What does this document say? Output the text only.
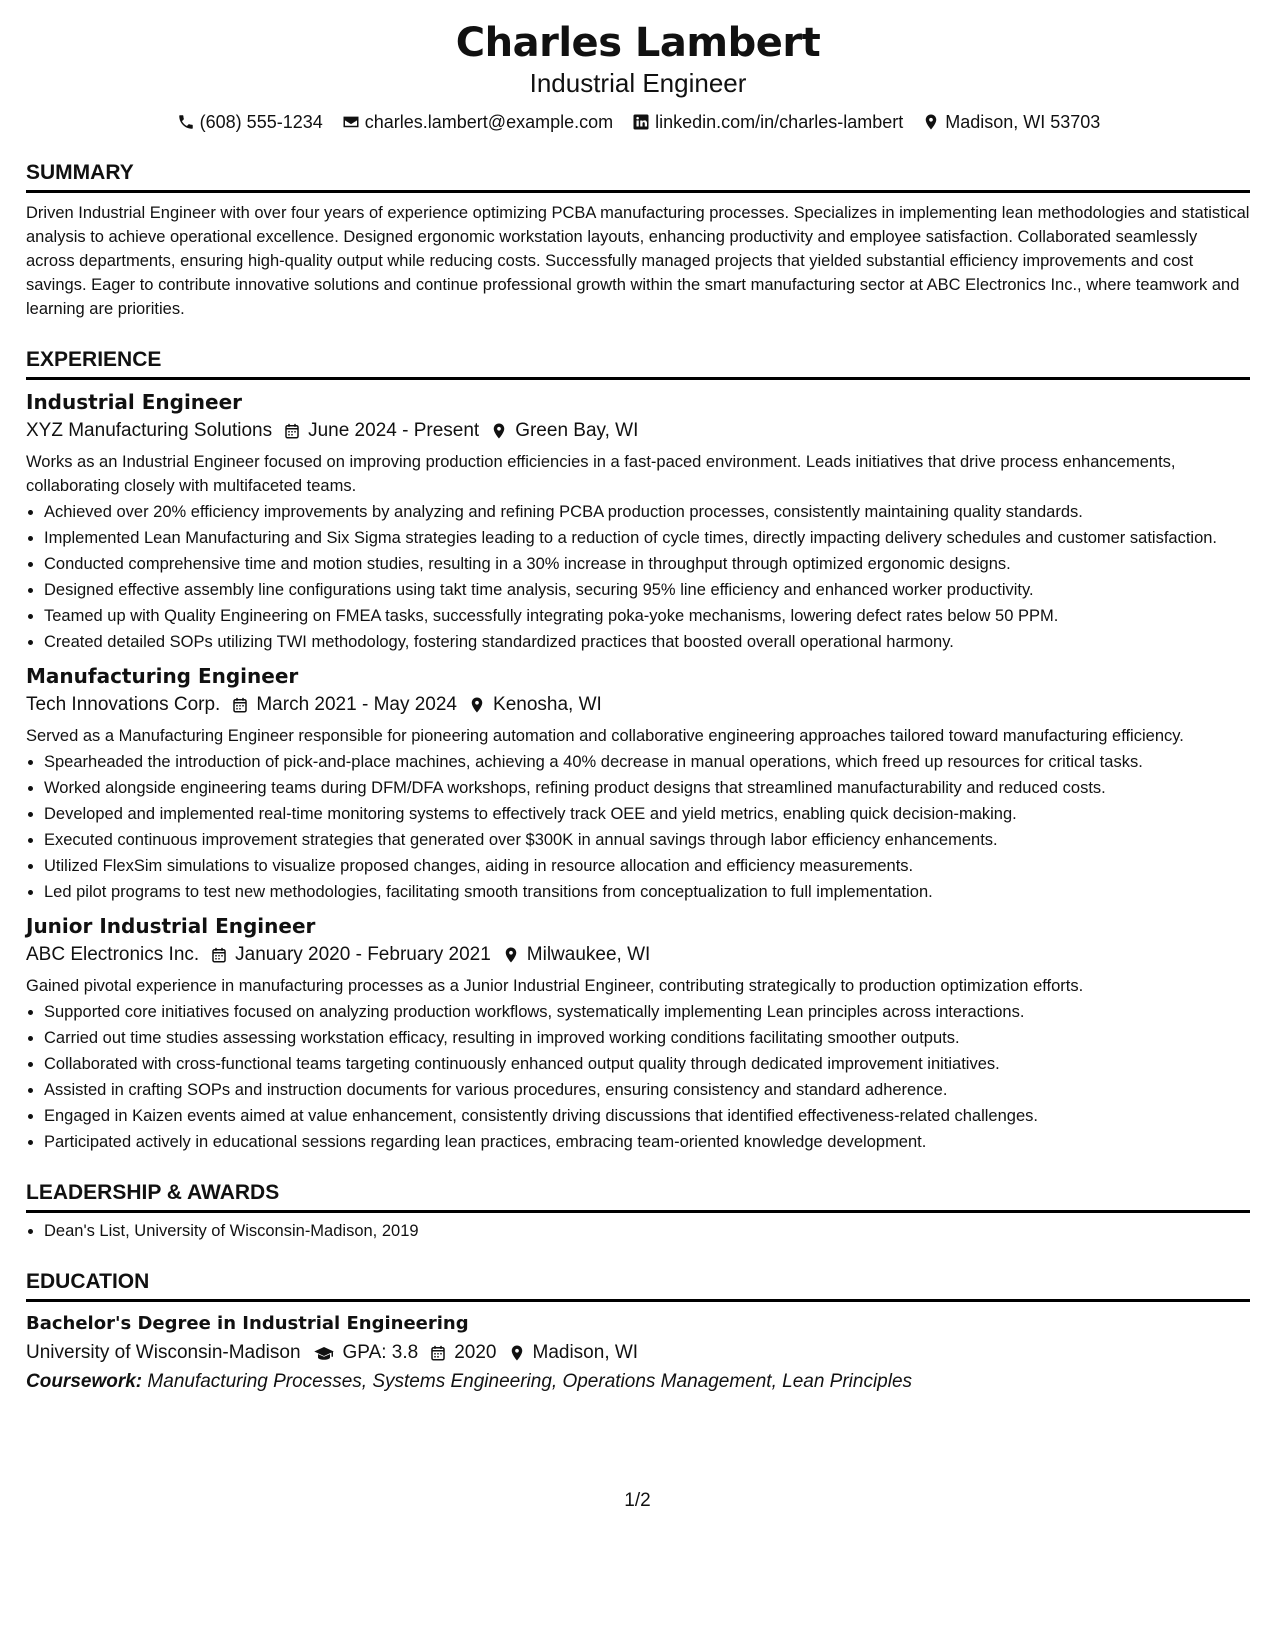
Charles Lambert
Industrial Engineer
(608) 555-1234 charles.lambert@example.com linkedin.com/in/charles-lambert Madison, WI 53703
SUMMARY
Driven Industrial Engineer with over four years of experience optimizing PCBA manufacturing processes. Specializes in implementing lean methodologies and statistical analysis to achieve operational excellence. Designed ergonomic workstation layouts, enhancing productivity and employee satisfaction. Collaborated seamlessly across departments, ensuring high-quality output while reducing costs. Successfully managed projects that yielded substantial efficiency improvements and cost savings. Eager to contribute innovative solutions and continue professional growth within the smart manufacturing sector at ABC Electronics Inc., where teamwork and learning are priorities.
EXPERIENCE
Industrial Engineer
XYZ Manufacturing Solutions June 2024 - Present Green Bay, WI
Works as an Industrial Engineer focused on improving production efficiencies in a fast-paced environment. Leads initiatives that drive process enhancements, collaborating closely with multifaceted teams.
• Achieved over 20% efficiency improvements by analyzing and refining PCBA production processes, consistently maintaining quality standards.
• Implemented Lean Manufacturing and Six Sigma strategies leading to a reduction of cycle times, directly impacting delivery schedules and customer satisfaction.
• Conducted comprehensive time and motion studies, resulting in a 30% increase in throughput through optimized ergonomic designs.
• Designed effective assembly line configurations using takt time analysis, securing 95% line efficiency and enhanced worker productivity.
• Teamed up with Quality Engineering on FMEA tasks, successfully integrating poka-yoke mechanisms, lowering defect rates below 50 PPM.
• Created detailed SOPs utilizing TWI methodology, fostering standardized practices that boosted overall operational harmony.
Manufacturing Engineer
Tech Innovations Corp. March 2021 - May 2024 Kenosha, WI
Served as a Manufacturing Engineer responsible for pioneering automation and collaborative engineering approaches tailored toward manufacturing efficiency.
• Spearheaded the introduction of pick-and-place machines, achieving a 40% decrease in manual operations, which freed up resources for critical tasks.
• Worked alongside engineering teams during DFM/DFA workshops, refining product designs that streamlined manufacturability and reduced costs.
• Developed and implemented real-time monitoring systems to effectively track OEE and yield metrics, enabling quick decision-making.
• Executed continuous improvement strategies that generated over $300K in annual savings through labor efficiency enhancements.
• Utilized FlexSim simulations to visualize proposed changes, aiding in resource allocation and efficiency measurements.
• Led pilot programs to test new methodologies, facilitating smooth transitions from conceptualization to full implementation.
Junior Industrial Engineer
ABC Electronics Inc. January 2020 - February 2021 Milwaukee, WI
Gained pivotal experience in manufacturing processes as a Junior Industrial Engineer, contributing strategically to production optimization efforts.
• Supported core initiatives focused on analyzing production workflows, systematically implementing Lean principles across interactions.
• Carried out time studies assessing workstation efficacy, resulting in improved working conditions facilitating smoother outputs.
• Collaborated with cross-functional teams targeting continuously enhanced output quality through dedicated improvement initiatives.
• Assisted in crafting SOPs and instruction documents for various procedures, ensuring consistency and standard adherence.
• Engaged in Kaizen events aimed at value enhancement, consistently driving discussions that identified effectiveness-related challenges.
• Participated actively in educational sessions regarding lean practices, embracing team-oriented knowledge development.
LEADERSHIP & AWARDS
• Dean's List, University of Wisconsin-Madison, 2019
EDUCATION
Bachelor's Degree in Industrial Engineering
University of Wisconsin-Madison GPA: 3.8 2020 Madison, WI
Coursework: Manufacturing Processes, Systems Engineering, Operations Management, Lean Principles
1/2
